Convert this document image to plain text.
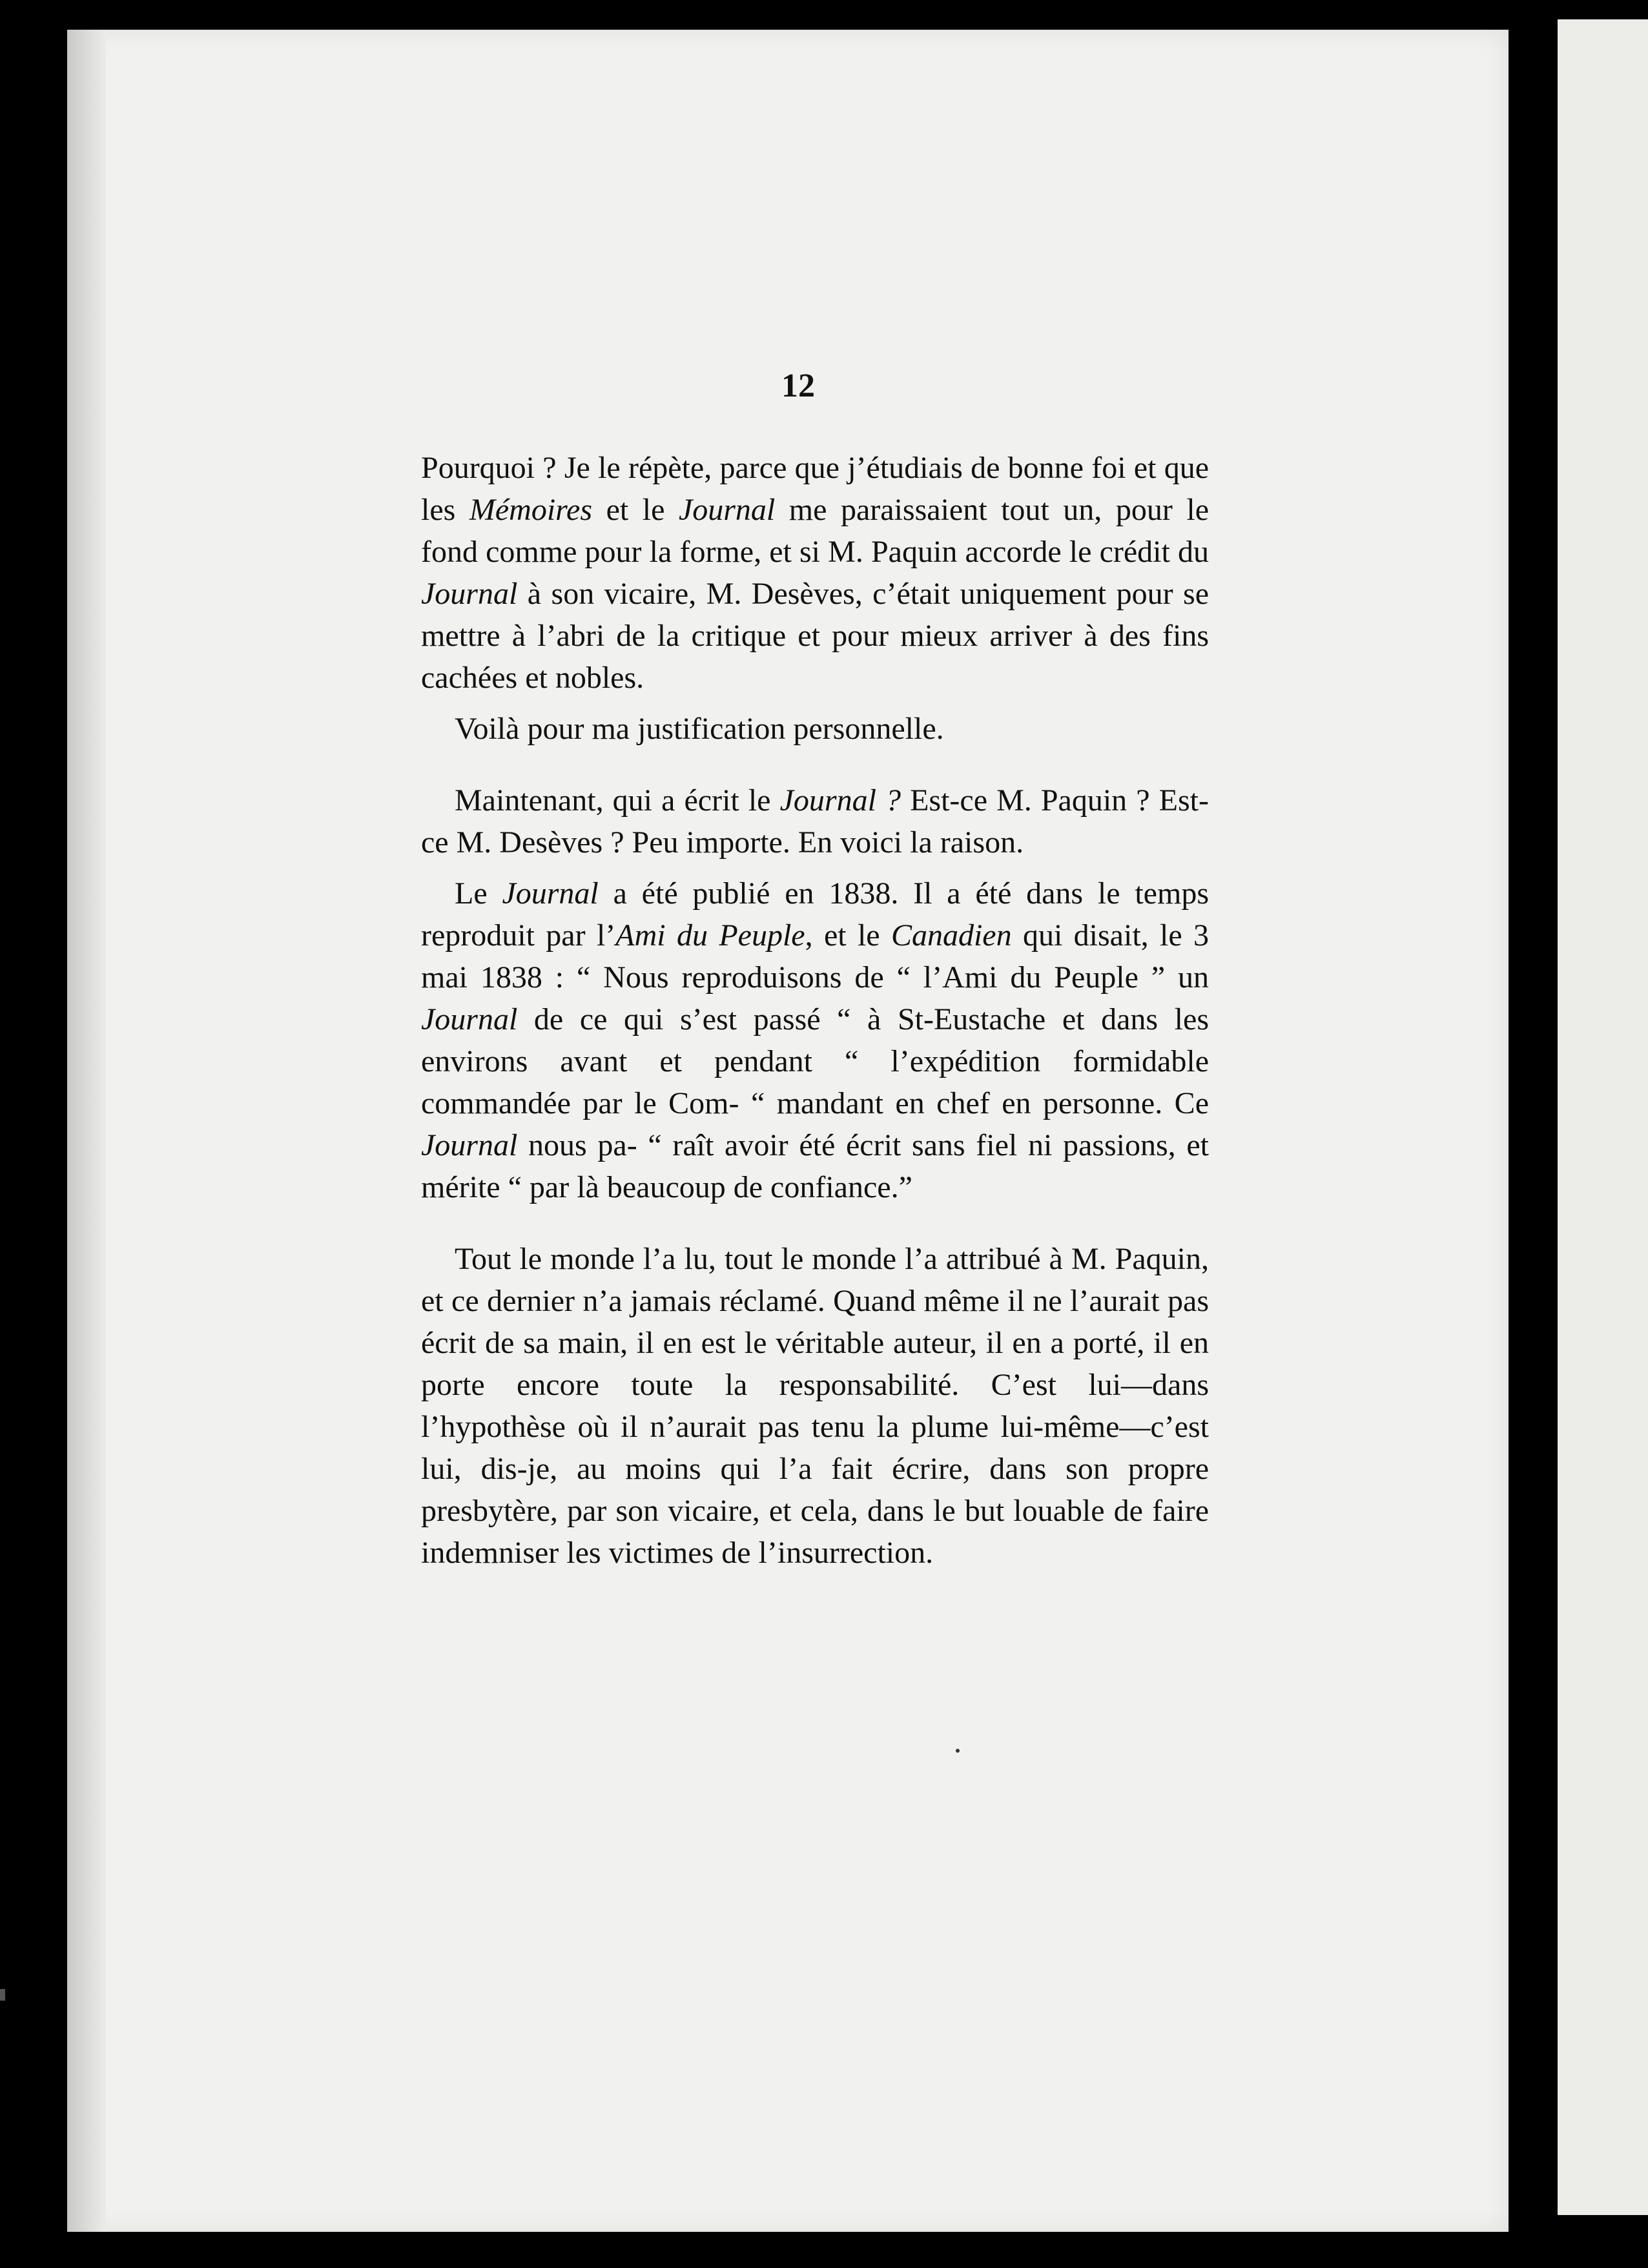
12

Pourquoi ? Je le répète, parce que j’étudiais de bonne foi et que les Mémoires et le Journal me paraissaient tout un, pour le fond comme pour la forme, et si M. Paquin accorde le crédit du Journal à son vicaire, M. Desèves, c’était uniquement pour se mettre à l’abri de la critique et pour mieux arriver à des fins cachées et nobles.

Voilà pour ma justification personnelle.

Maintenant, qui a écrit le Journal ? Est-ce M. Paquin ? Est-ce M. Desèves ? Peu importe. En voici la raison.

Le Journal a été publié en 1838. Il a été dans le temps reproduit par l’Ami du Peuple, et le Canadien qui disait, le 3 mai 1838 : “ Nous reproduisons de “ l’Ami du Peuple ” un Journal de ce qui s’est passé “ à St-Eustache et dans les environs avant et pendant “ l’expédition formidable commandée par le Com- “ mandant en chef en personne. Ce Journal nous pa- “ raît avoir été écrit sans fiel ni passions, et mérite “ par là beaucoup de confiance.”

Tout le monde l’a lu, tout le monde l’a attribué à M. Paquin, et ce dernier n’a jamais réclamé. Quand même il ne l’aurait pas écrit de sa main, il en est le véritable auteur, il en a porté, il en porte encore toute la responsabilité. C’est lui—dans l’hypothèse où il n’aurait pas tenu la plume lui-même—c’est lui, dis-je, au moins qui l’a fait écrire, dans son propre presbytère, par son vicaire, et cela, dans le but louable de faire indemniser les victimes de l’insurrection.
